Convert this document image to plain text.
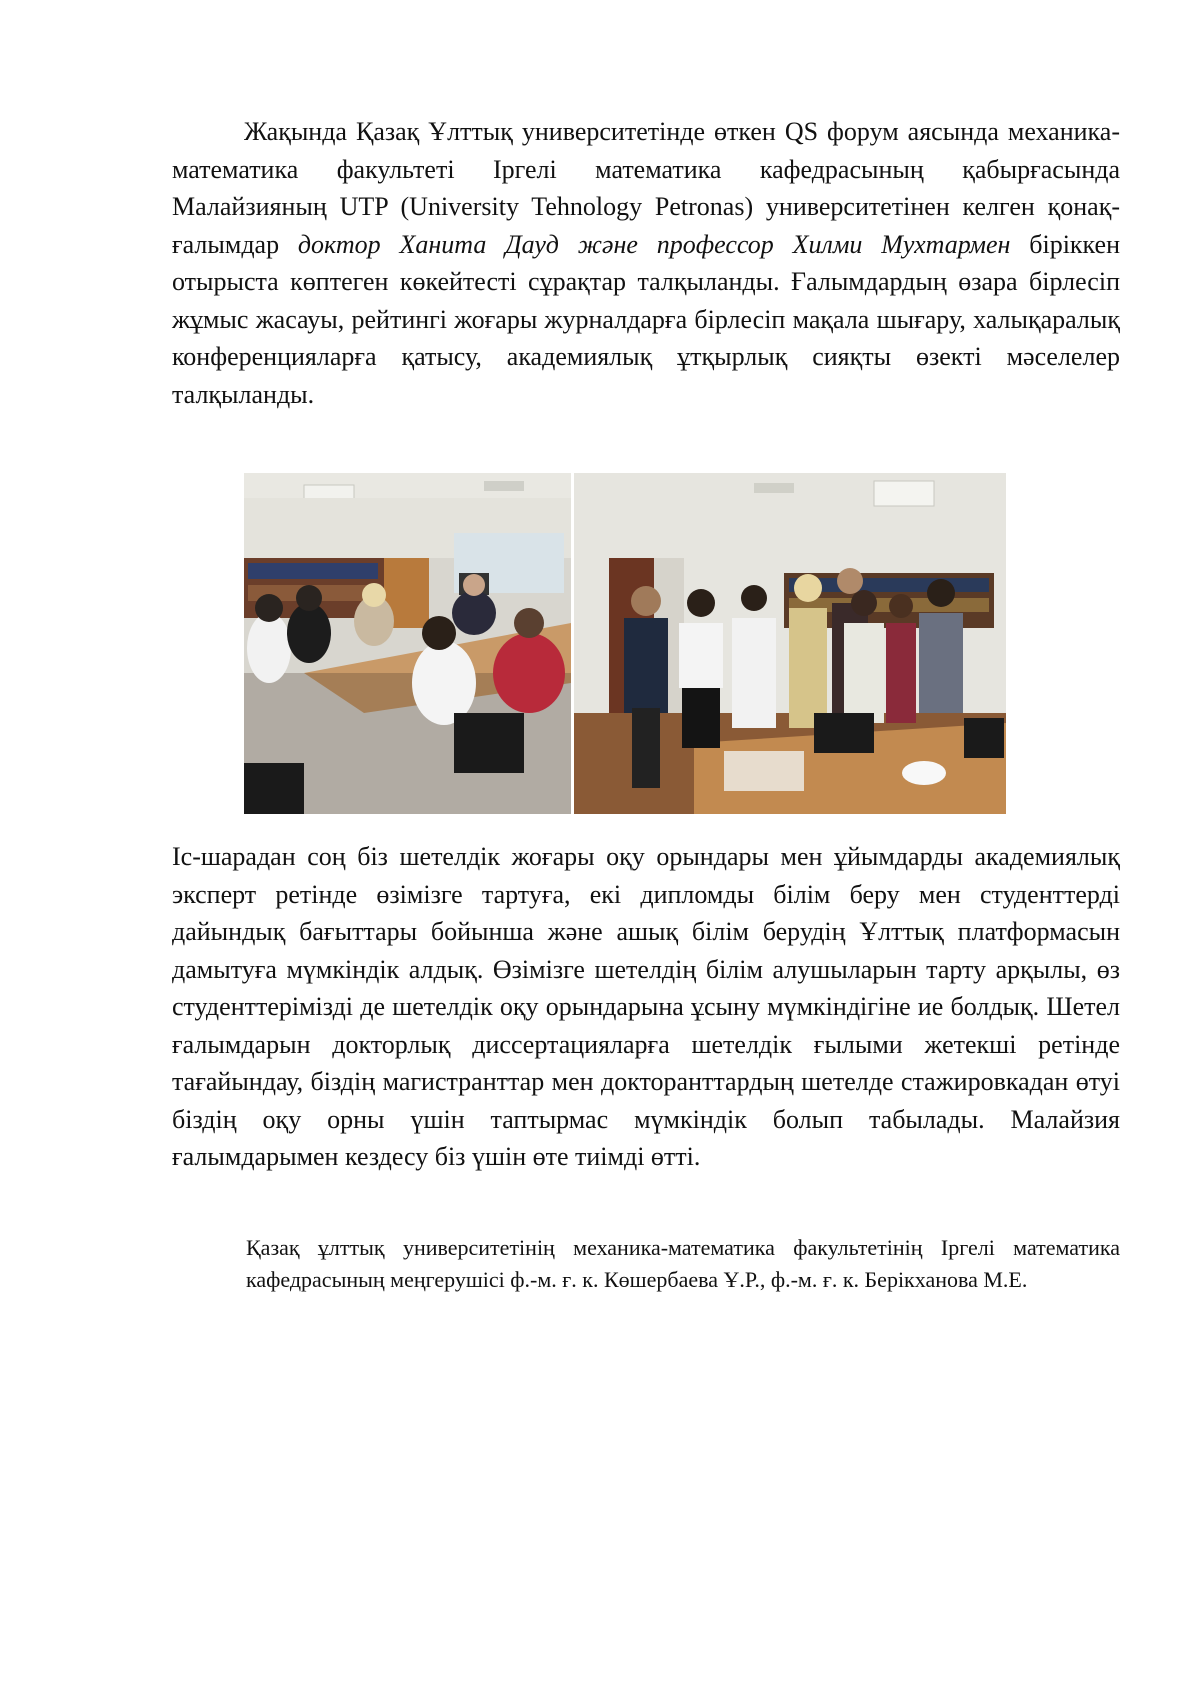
Жақында Қазақ Ұлттық университетінде өткен QS форум аясында механика-математика факультеті Іргелі математика кафедрасының қабырғасында Малайзияның UTP (University Tehnology Petronas) университетінен келген қонақ-ғалымдар доктор Ханита Дауд және профессор Хилми Мухтармен біріккен отырыста көптеген көкейтесті сұрақтар талқыланды. Ғалымдардың өзара бірлесіп жұмыс жасауы, рейтингі жоғары журналдарға бірлесіп мақала шығару, халықаралық конференцияларға қатысу, академиялық ұтқырлық сияқты өзекті мәселелер талқыланды.

Іс-шарадан соң біз шетелдік жоғары оқу орындары мен ұйымдарды академиялық эксперт ретінде өзімізге тартуға, екі дипломды білім беру мен студенттерді дайындық бағыттары бойынша және ашық білім берудің Ұлттық платформасын дамытуға мүмкіндік алдық. Өзімізге шетелдің білім алушыларын тарту арқылы, өз студенттерімізді де шетелдік оқу орындарына ұсыну мүмкіндігіне ие болдық. Шетел ғалымдарын докторлық диссертацияларға шетелдік ғылыми жетекші ретінде тағайындау, біздің магистранттар мен докторанттардың шетелде стажировкадан өтуі біздің оқу орны үшін таптырмас мүмкіндік болып табылады. Малайзия ғалымдарымен кездесу біз үшін өте тиімді өтті.

Қазақ ұлттық университетінің механика-математика факультетінің Іргелі математика кафедрасының меңгерушісі ф.-м. ғ. к. Көшербаева Ұ.Р., ф.-м. ғ. к. Берікханова М.Е.
